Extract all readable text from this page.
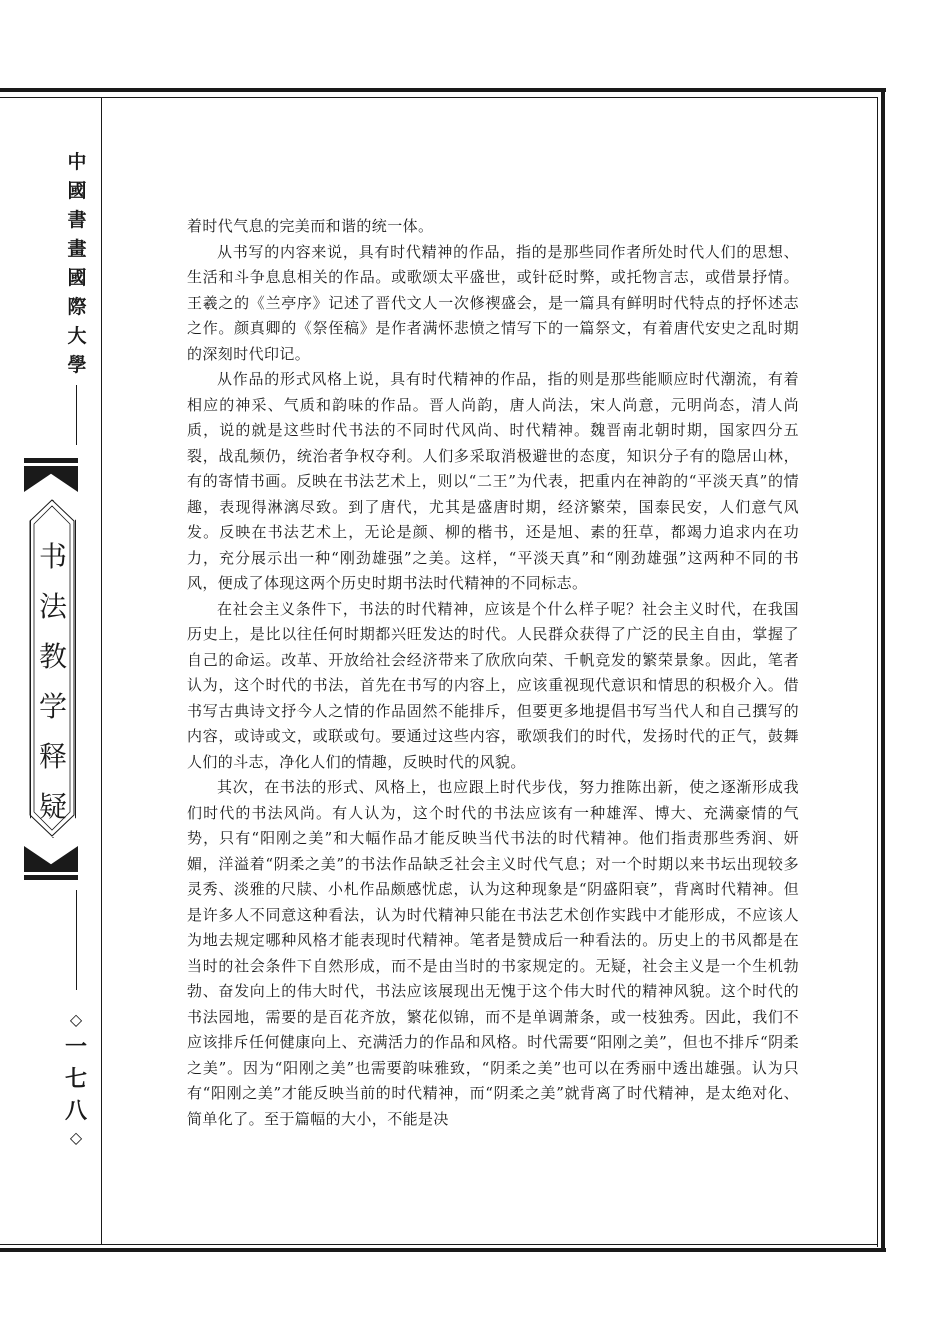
中
國
書
畫
國
際
大
學
书
法
教
学
释
疑
◇
一
七
八
◇

着时代气息的完美而和谐的统一体。

从书写的内容来说，具有时代精神的作品，指的是那些同作者所处时代人们的思想、生活和斗争息息相关的作品。或歌颂太平盛世，或针砭时弊，或托物言志，或借景抒情。王羲之的《兰亭序》记述了晋代文人一次修禊盛会，是一篇具有鲜明时代特点的抒怀述志之作。颜真卿的《祭侄稿》是作者满怀悲愤之情写下的一篇祭文，有着唐代安史之乱时期的深刻时代印记。

从作品的形式风格上说，具有时代精神的作品，指的则是那些能顺应时代潮流，有着相应的神采、气质和韵味的作品。晋人尚韵，唐人尚法，宋人尚意，元明尚态，清人尚质，说的就是这些时代书法的不同时代风尚、时代精神。魏晋南北朝时期，国家四分五裂，战乱频仍，统治者争权夺利。人们多采取消极避世的态度，知识分子有的隐居山林，有的寄情书画。反映在书法艺术上，则以“二王”为代表，把重内在神韵的“平淡天真”的情趣，表现得淋漓尽致。到了唐代，尤其是盛唐时期，经济繁荣，国泰民安，人们意气风发。反映在书法艺术上，无论是颜、柳的楷书，还是旭、素的狂草，都竭力追求内在功力，充分展示出一种“刚劲雄强”之美。这样，“平淡天真”和“刚劲雄强”这两种不同的书风，便成了体现这两个历史时期书法时代精神的不同标志。

在社会主义条件下，书法的时代精神，应该是个什么样子呢？社会主义时代，在我国历史上，是比以往任何时期都兴旺发达的时代。人民群众获得了广泛的民主自由，掌握了自己的命运。改革、开放给社会经济带来了欣欣向荣、千帆竞发的繁荣景象。因此，笔者认为，这个时代的书法，首先在书写的内容上，应该重视现代意识和情思的积极介入。借书写古典诗文抒今人之情的作品固然不能排斥，但要更多地提倡书写当代人和自己撰写的内容，或诗或文，或联或句。要通过这些内容，歌颂我们的时代，发扬时代的正气，鼓舞人们的斗志，净化人们的情趣，反映时代的风貌。

其次，在书法的形式、风格上，也应跟上时代步伐，努力推陈出新，使之逐渐形成我们时代的书法风尚。有人认为，这个时代的书法应该有一种雄浑、博大、充满豪情的气势，只有“阳刚之美”和大幅作品才能反映当代书法的时代精神。他们指责那些秀润、妍媚，洋溢着“阴柔之美”的书法作品缺乏社会主义时代气息；对一个时期以来书坛出现较多灵秀、淡雅的尺牍、小札作品颇感忧虑，认为这种现象是“阴盛阳衰”，背离时代精神。但是许多人不同意这种看法，认为时代精神只能在书法艺术创作实践中才能形成，不应该人为地去规定哪种风格才能表现时代精神。笔者是赞成后一种看法的。历史上的书风都是在当时的社会条件下自然形成，而不是由当时的书家规定的。无疑，社会主义是一个生机勃勃、奋发向上的伟大时代，书法应该展现出无愧于这个伟大时代的精神风貌。这个时代的书法园地，需要的是百花齐放，繁花似锦，而不是单调萧条，或一枝独秀。因此，我们不应该排斥任何健康向上、充满活力的作品和风格。时代需要“阳刚之美”，但也不排斥“阴柔之美”。因为“阳刚之美”也需要韵味雅致，“阴柔之美”也可以在秀丽中透出雄强。认为只有“阳刚之美”才能反映当前的时代精神，而“阴柔之美”就背离了时代精神，是太绝对化、简单化了。至于篇幅的大小，不能是决
